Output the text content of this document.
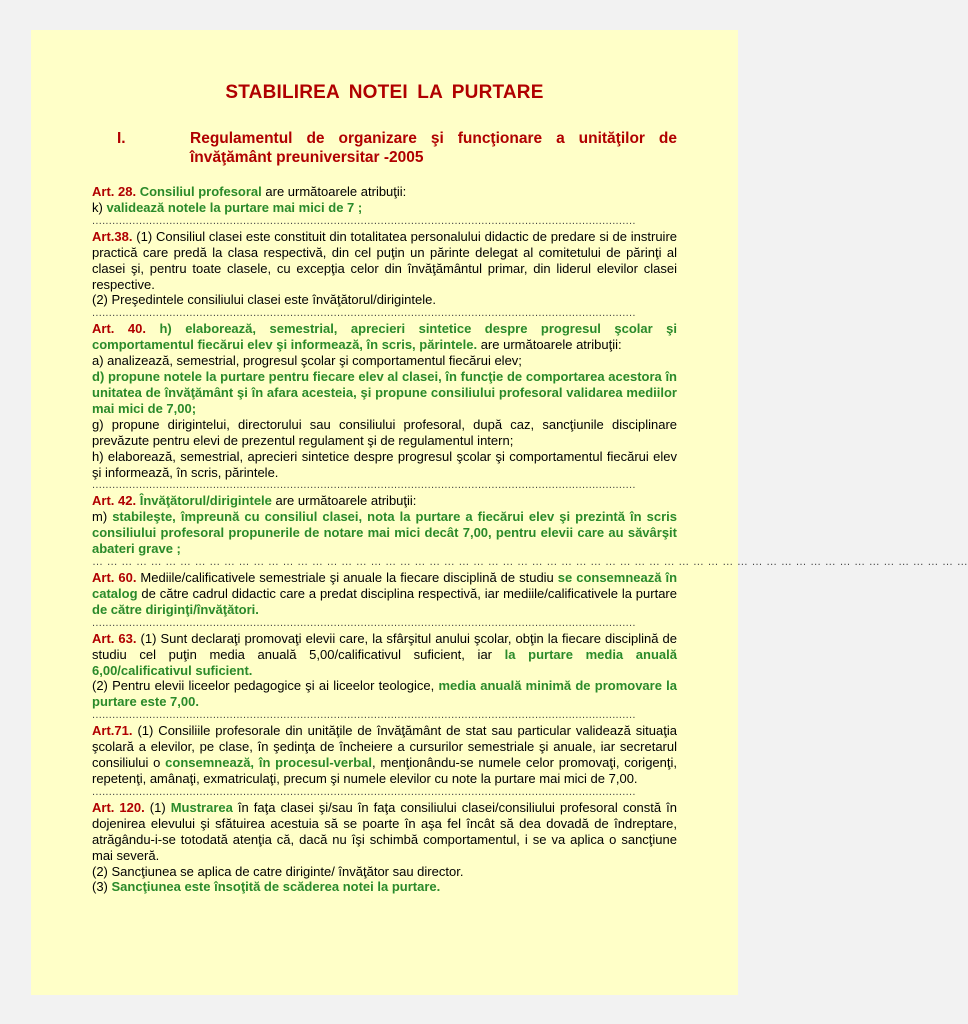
STABILIREA NOTEI LA PURTARE
I.	Regulamentul de organizare şi funcţionare a unităţilor de învăţământ preuniversitar -2005

Art. 28. Consiliul profesoral are următoarele atribuţii:

k) validează notele la purtare mai mici de 7 ;

..................................................................................................................................................................

Art.38. (1) Consiliul clasei este constituit din totalitatea personalului didactic de predare si de instruire practică care predă la clasa respectivă, din cel puţin un părinte delegat al comitetului de părinţi al clasei şi, pentru toate clasele, cu excepţia celor din învăţământul primar, din liderul elevilor clasei respective.

(2) Preşedintele consiliului clasei este învăţătorul/dirigintele.

..................................................................................................................................................................

Art. 40. h) elaborează, semestrial, aprecieri sintetice despre progresul şcolar şi comportamentul fiecărui elev şi informează, în scris, părintele. are următoarele atribuţii:

a) analizează, semestrial, progresul şcolar şi comportamentul fiecărui elev;

d) propune notele la purtare pentru fiecare elev al clasei, în funcţie de comportarea acestora în unitatea de învăţământ şi în afara acesteia, şi propune consiliului profesoral validarea mediilor mai mici de 7,00;

g) propune dirigintelui, directorului sau consiliului profesoral, după caz, sancţiunile disciplinare prevăzute pentru elevi de prezentul regulament şi de regulamentul intern;

h) elaborează, semestrial, aprecieri sintetice despre progresul şcolar şi comportamentul fiecărui elev şi informează, în scris, părintele.

..................................................................................................................................................................

Art. 42. Învăţătorul/dirigintele are următoarele atribuţii:

m) stabileşte, împreună cu consiliul clasei, nota la purtare a fiecărui elev şi prezintă în scris consiliului profesoral propunerile de notare mai mici decât 7,00, pentru elevii care au săvârşit abateri grave ;

… … … … … … … … … … … … … … … … … … … … … … … … … … … … … … … … … … … … … … … … … … … … … … … … … … … … … … … … … … … …

Art. 60. Mediile/calificativele semestriale şi anuale la fiecare disciplină de studiu se consemnează în catalog de către cadrul didactic care a predat disciplina respectivă, iar mediile/calificativele la purtare de către diriginţi/învăţători.

..................................................................................................................................................................

Art. 63. (1) Sunt declaraţi promovaţi elevii care, la sfârşitul anului şcolar, obţin la fiecare disciplină de studiu cel puţin media anuală 5,00/calificativul suficient, iar la purtare media anuală 6,00/calificativul suficient.

(2) Pentru elevii liceelor pedagogice şi ai liceelor teologice, media anuală minimă de promovare la purtare este 7,00.

..................................................................................................................................................................

Art.71. (1) Consiliile profesorale din unităţile de învăţământ de stat sau particular validează situaţia şcolară a elevilor, pe clase, în şedinţa de încheiere a cursurilor semestriale şi anuale, iar secretarul consiliului o consemnează, în procesul-verbal, menţionându-se numele celor promovaţi, corigenţi, repetenţi, amânaţi, exmatriculaţi, precum şi numele elevilor cu note la purtare mai mici de 7,00.

..................................................................................................................................................................

Art. 120. (1) Mustrarea în faţa clasei şi/sau în faţa consiliului clasei/consiliului profesoral constă în dojenirea elevului şi sfătuirea acestuia să se poarte în aşa fel încât să dea dovadă de îndreptare, atrăgându-i-se totodată atenţia că, dacă nu îşi schimbă comportamentul, i se va aplica o sancţiune mai severă.

(2) Sancţiunea se aplica de catre diriginte/ învăţător sau director.

(3) Sancţiunea este însoţită de scăderea notei la purtare.
